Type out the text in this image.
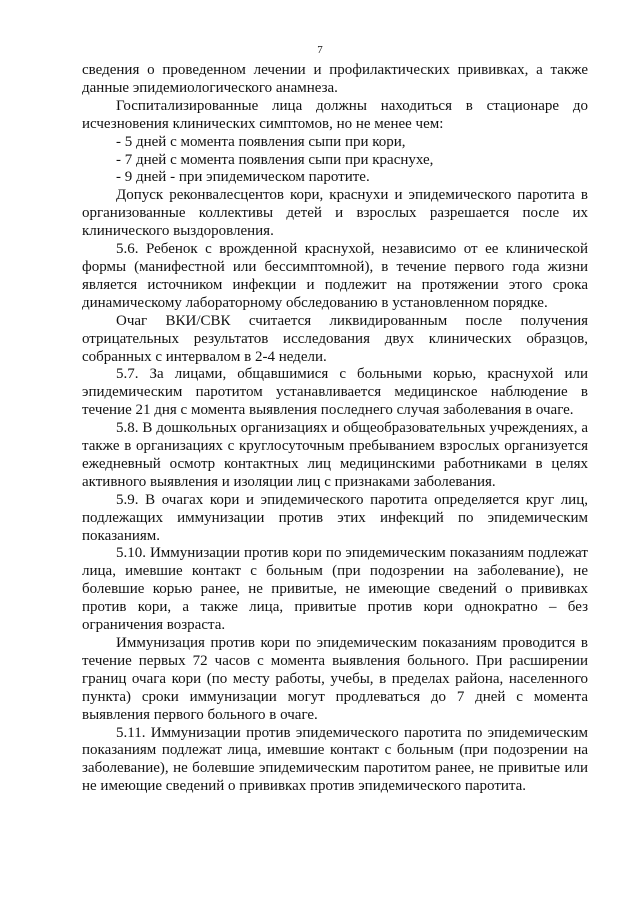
7

сведения о проведенном лечении и профилактических прививках, а также данные эпидемиологического анамнеза.

Госпитализированные лица должны находиться в стационаре до исчезновения клинических симптомов, но не менее чем:

- 5 дней с момента появления сыпи при кори,

- 7 дней с момента появления сыпи при краснухе,

- 9 дней - при эпидемическом паротите.

Допуск реконвалесцентов кори, краснухи и эпидемического паротита в организованные коллективы детей и взрослых разрешается после их клинического выздоровления.

5.6. Ребенок с врожденной краснухой, независимо от ее клинической формы (манифестной или бессимптомной), в течение первого года жизни является источником инфекции и подлежит на протяжении этого срока динамическому лабораторному обследованию в установленном порядке.

Очаг ВКИ/СВК считается ликвидированным после получения отрицательных результатов исследования двух клинических образцов, собранных с интервалом в 2-4 недели.

5.7. За лицами, общавшимися с больными корью, краснухой или эпидемическим паротитом устанавливается медицинское наблюдение в течение 21 дня с момента выявления последнего случая заболевания в очаге.

5.8. В дошкольных организациях и общеобразовательных учреждениях, а также в организациях с круглосуточным пребыванием взрослых организуется ежедневный осмотр контактных лиц медицинскими работниками в целях активного выявления и изоляции лиц с признаками заболевания.

5.9. В очагах кори и эпидемического паротита определяется круг лиц, подлежащих иммунизации против этих инфекций по эпидемическим показаниям.

5.10. Иммунизации против кори по эпидемическим показаниям подлежат лица, имевшие контакт с больным (при подозрении на заболевание), не болевшие корью ранее, не привитые, не имеющие сведений о прививках против кори, а также лица, привитые против кори однократно – без ограничения возраста.

Иммунизация против кори по эпидемическим показаниям проводится в течение первых 72 часов с момента выявления больного. При расширении границ очага кори (по месту работы, учебы, в пределах района, населенного пункта) сроки иммунизации могут продлеваться до 7 дней с момента выявления первого больного в очаге.

5.11. Иммунизации против эпидемического паротита по эпидемическим показаниям подлежат лица, имевшие контакт с больным (при подозрении на заболевание), не болевшие эпидемическим паротитом ранее, не привитые или не имеющие сведений о прививках против эпидемического паротита.
